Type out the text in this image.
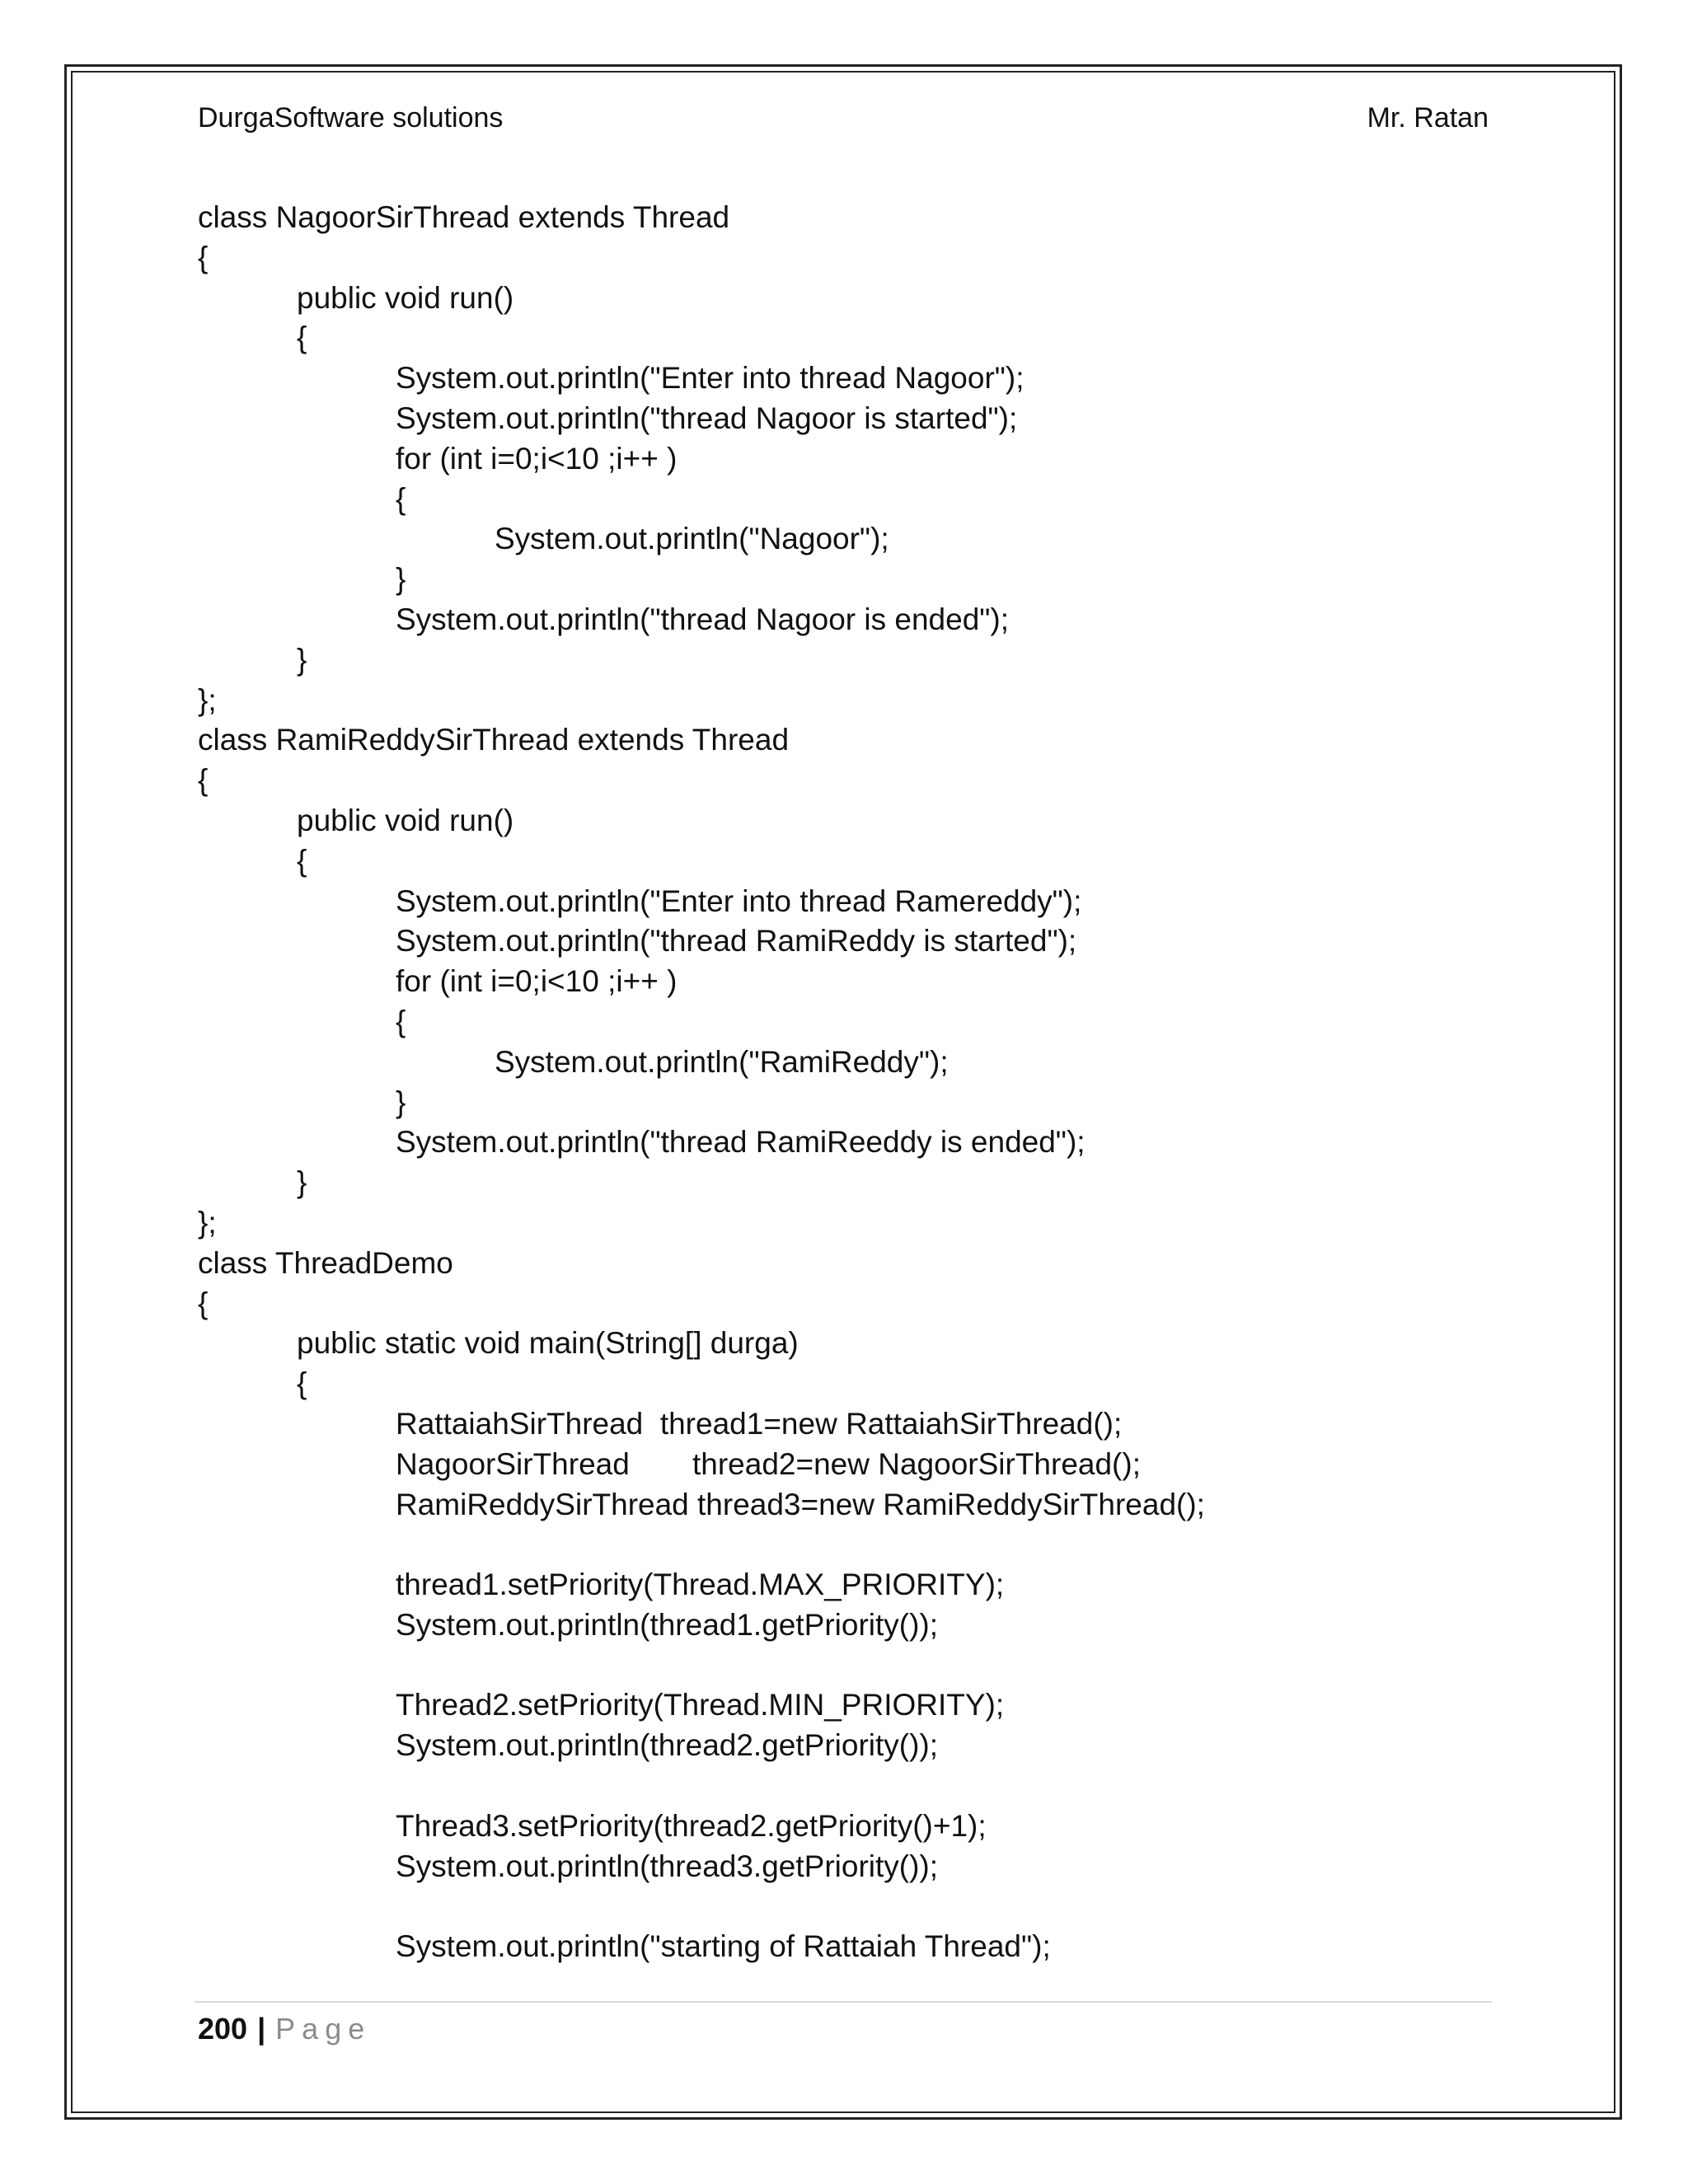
DurgaSoftware solutions	Mr. Ratan
class NagoorSirThread extends Thread
{
public void run()
{
System.out.println("Enter into thread Nagoor");
System.out.println("thread Nagoor is started");
for (int i=0;i<10 ;i++ )
{
System.out.println("Nagoor");
}
System.out.println("thread Nagoor is ended");
}
};
class RamiReddySirThread extends Thread
{
public void run()
{
System.out.println("Enter into thread Ramereddy");
System.out.println("thread RamiReddy is started");
for (int i=0;i<10 ;i++ )
{
System.out.println("RamiReddy");
}
System.out.println("thread RamiReeddy is ended");
}
};
class ThreadDemo
{
public static void main(String[] durga)
{
RattaiahSirThread  thread1=new RattaiahSirThread();
NagoorSirThread thread2=new NagoorSirThread();
RamiReddySirThread thread3=new RamiReddySirThread();
thread1.setPriority(Thread.MAX_PRIORITY);
System.out.println(thread1.getPriority());
Thread2.setPriority(Thread.MIN_PRIORITY);
System.out.println(thread2.getPriority());
Thread3.setPriority(thread2.getPriority()+1);
System.out.println(thread3.getPriority());
System.out.println("starting of Rattaiah Thread");
200 | Page
